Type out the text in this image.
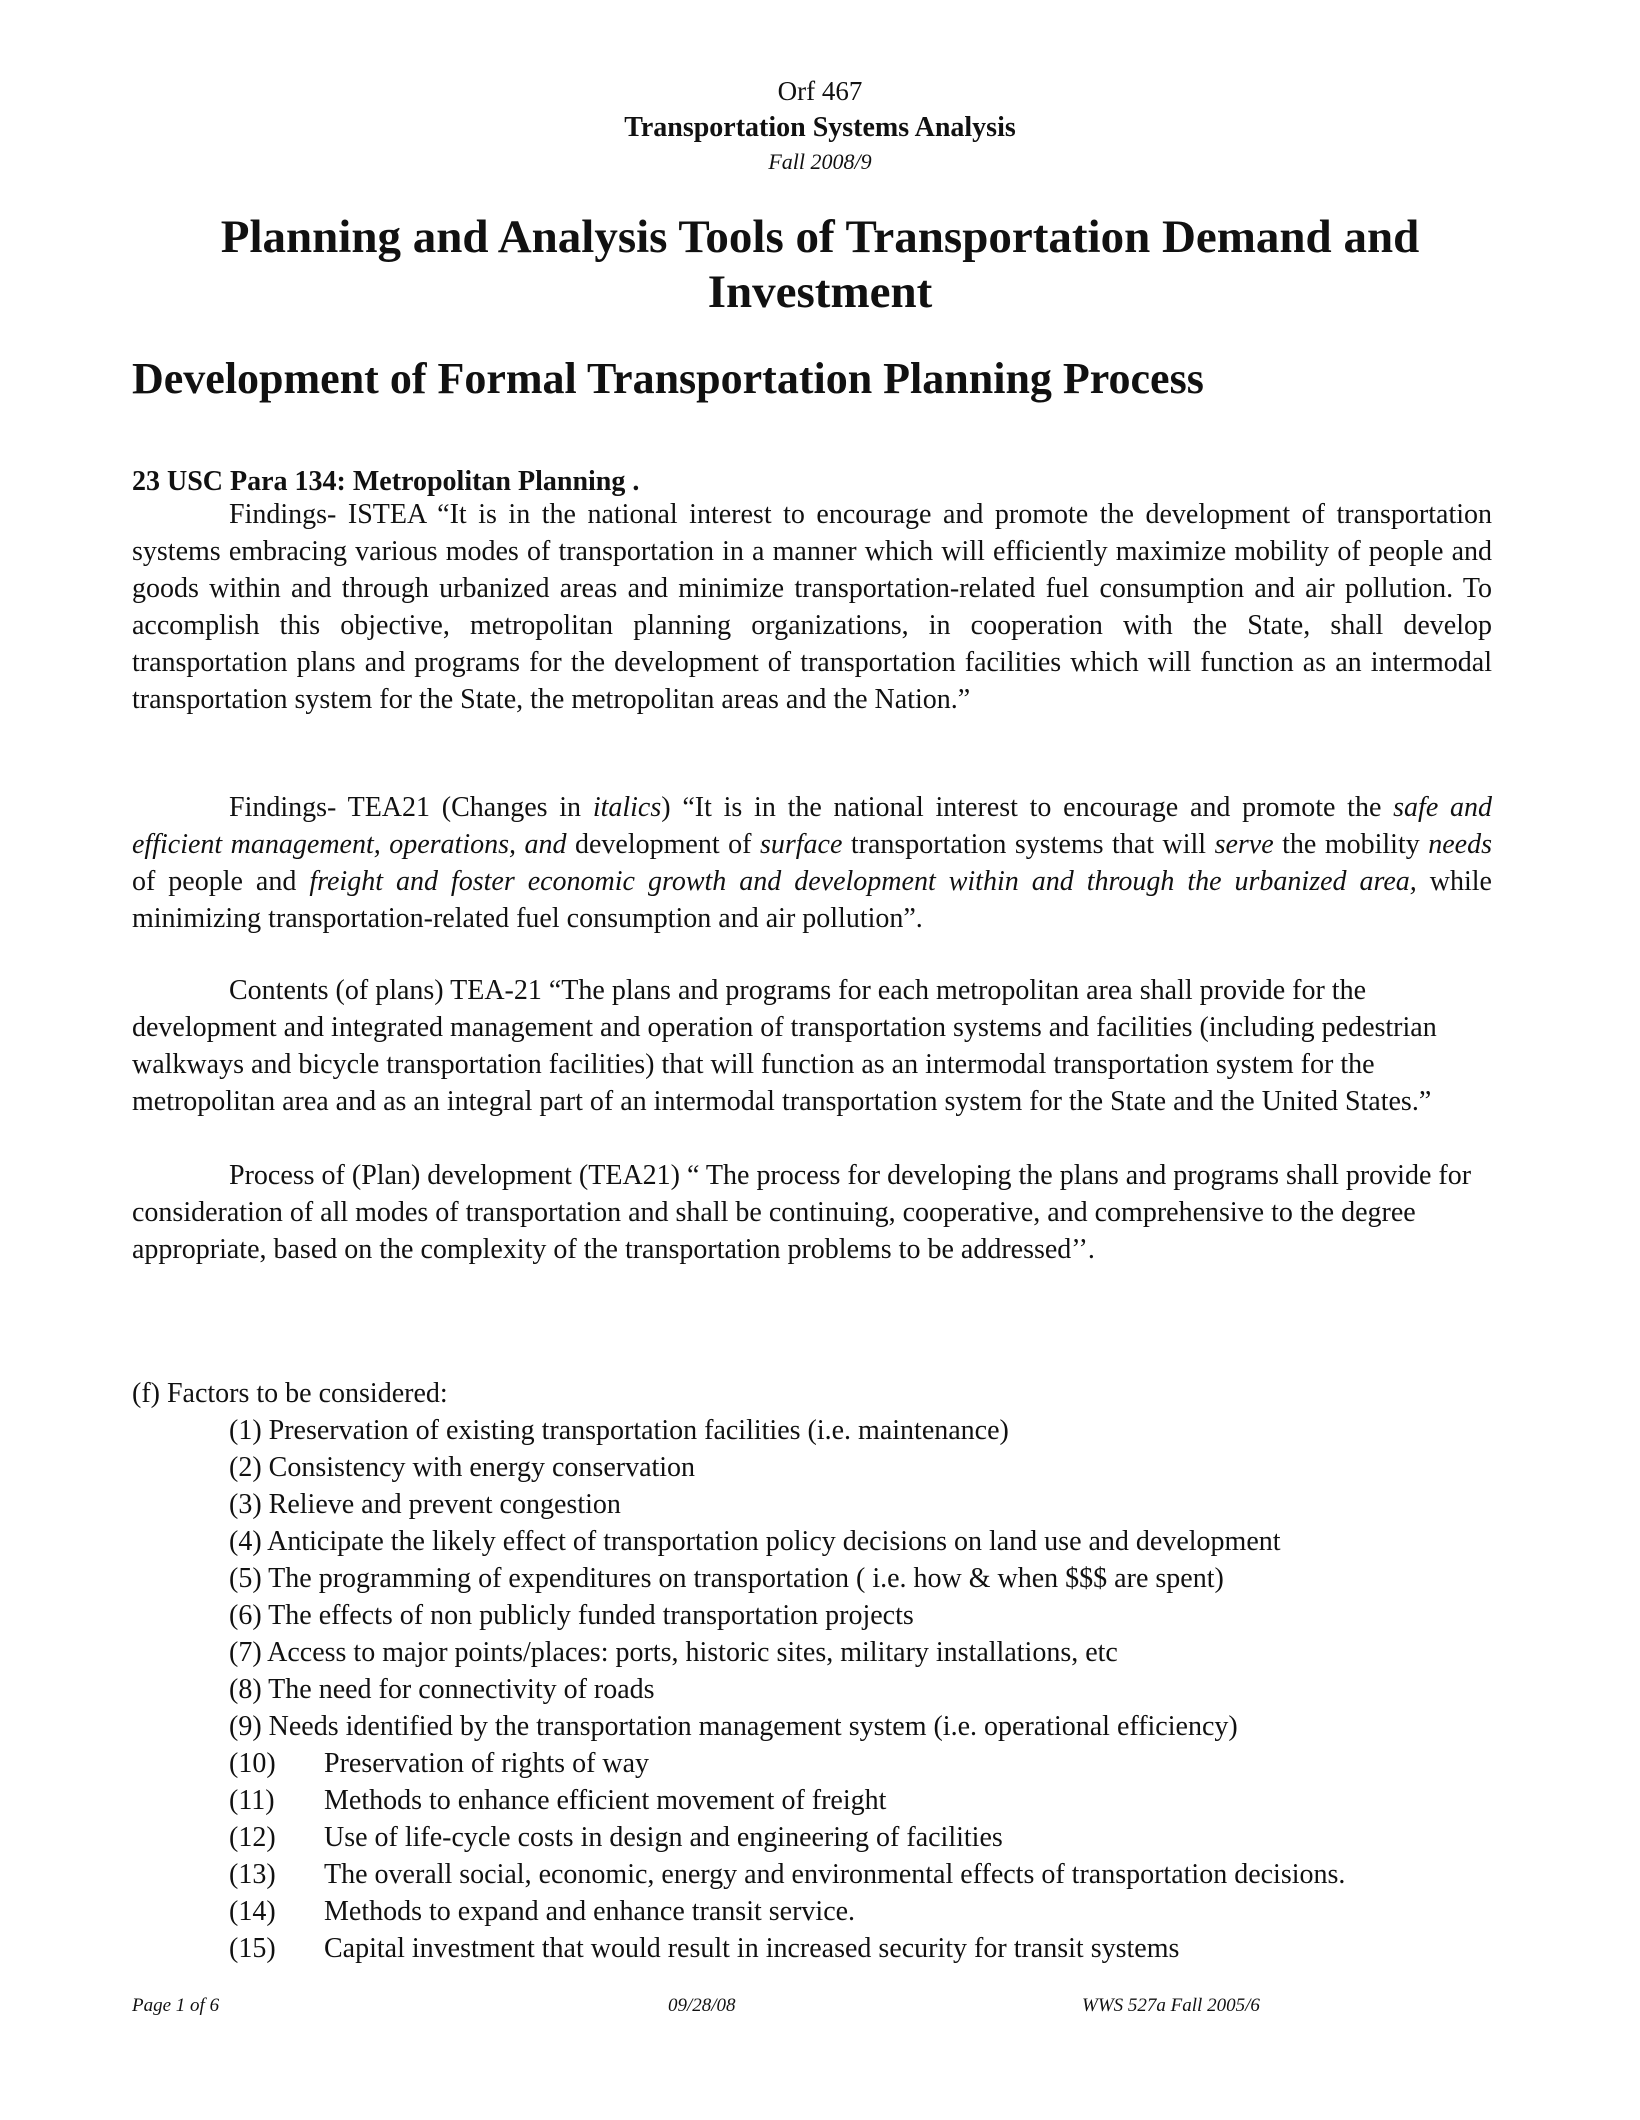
Orf 467
Transportation Systems Analysis
Fall 2008/9
Planning and Analysis Tools of Transportation Demand and
Investment
Development of Formal Transportation Planning Process
23 USC Para 134: Metropolitan Planning .

Findings- ISTEA “It is in the national interest to encourage and promote the development of transportation systems embracing various modes of transportation in a manner which will efficiently maximize mobility of people and goods within and through urbanized areas and minimize transportation-related fuel consumption and air pollution. To accomplish this objective, metropolitan planning organizations, in cooperation with the State, shall develop transportation plans and programs for the development of transportation facilities which will function as an intermodal transportation system for the State, the metropolitan areas and the Nation.”

Findings- TEA21 (Changes in italics) “It is in the national interest to encourage and promote the safe and efficient management, operations, and development of surface transportation systems that will serve the mobility needs of people and freight and foster economic growth and development within and through the urbanized area, while minimizing transportation-related fuel consumption and air pollution”.

Contents (of plans) TEA-21 “The plans and programs for each metropolitan area shall provide for the development and integrated management and operation of transportation systems and facilities (including pedestrian walkways and bicycle transportation facilities) that will function as an intermodal transportation system for the metropolitan area and as an integral part of an intermodal transportation system for the State and the United States.”

Process of (Plan) development (TEA21) “ The process for developing the plans and programs shall provide for consideration of all modes of transportation and shall be continuing, cooperative, and comprehensive to the degree appropriate, based on the complexity of the transportation problems to be addressed’’.

(f) Factors to be considered:

(1) Preservation of existing transportation facilities (i.e. maintenance)
(2) Consistency with energy conservation
(3) Relieve and prevent congestion
(4) Anticipate the likely effect of transportation policy decisions on land use and development
(5) The programming of expenditures on transportation ( i.e. how & when $$$ are spent)
(6) The effects of non publicly funded transportation projects
(7) Access to major points/places: ports, historic sites, military installations, etc
(8) The need for connectivity of roads
(9) Needs identified by the transportation management system (i.e. operational efficiency)
(10) Preservation of rights of way
(11) Methods to enhance efficient movement of freight
(12) Use of life-cycle costs in design and engineering of facilities
(13) The overall social, economic, energy and environmental effects of transportation decisions.
(14) Methods to expand and enhance transit service.
(15) Capital investment that would result in increased security for transit systems
Page 1 of 6	09/28/08	WWS 527a Fall 2005/6
